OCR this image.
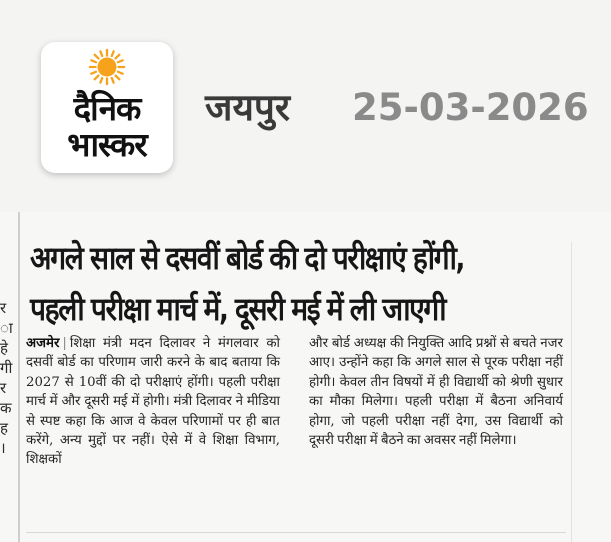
दैनिक
भास्कर
जयपुर 25-03-2026
र
ा
हे
गी
र
क
ह
।
अगले साल से दसवीं बोर्ड की दो परीक्षाएं होंगी,
पहली परीक्षा मार्च में, दूसरी मई में ली जाएगी
अजमेर | शिक्षा मंत्री मदन दिलावर ने मंगलवार को दसवीं बोर्ड का परिणाम जारी करने के बाद बताया कि 2027 से 10वीं की दो परीक्षाएं होंगी। पहली परीक्षा मार्च में और दूसरी मई में होगी। मंत्री दिलावर ने मीडिया से स्पष्ट कहा कि आज वे केवल परिणामों पर ही बात करेंगे, अन्य मुद्दों पर नहीं। ऐसे में वे शिक्षा विभाग, शिक्षकों
और बोर्ड अध्यक्ष की नियुक्ति आदि प्रश्नों से बचते नजर आए। उन्होंने कहा कि अगले साल से पूरक परीक्षा नहीं होगी। केवल तीन विषयों में ही विद्यार्थी को श्रेणी सुधार का मौका मिलेगा। पहली परीक्षा में बैठना अनिवार्य होगा, जो पहली परीक्षा नहीं देगा, उस विद्यार्थी को दूसरी परीक्षा में बैठने का अवसर नहीं मिलेगा।
